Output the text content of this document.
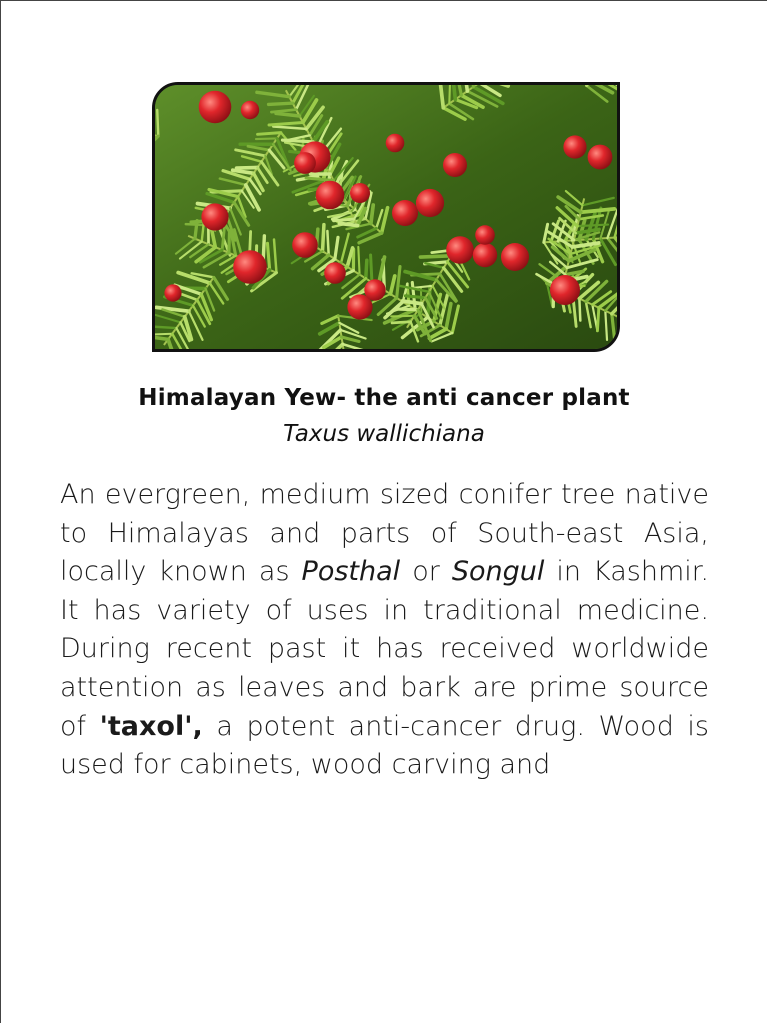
Himalayan Yew- the anti cancer plant
Taxus wallichiana
An evergreen, medium sized conifer tree native to Himalayas and parts of South-east Asia, locally known as Posthal or Songul in Kashmir. It has variety of uses in traditional medicine. During recent past it has received worldwide attention as leaves and bark are prime source of 'taxol', a potent anti-cancer drug. Wood is used for cabinets, wood carving and
